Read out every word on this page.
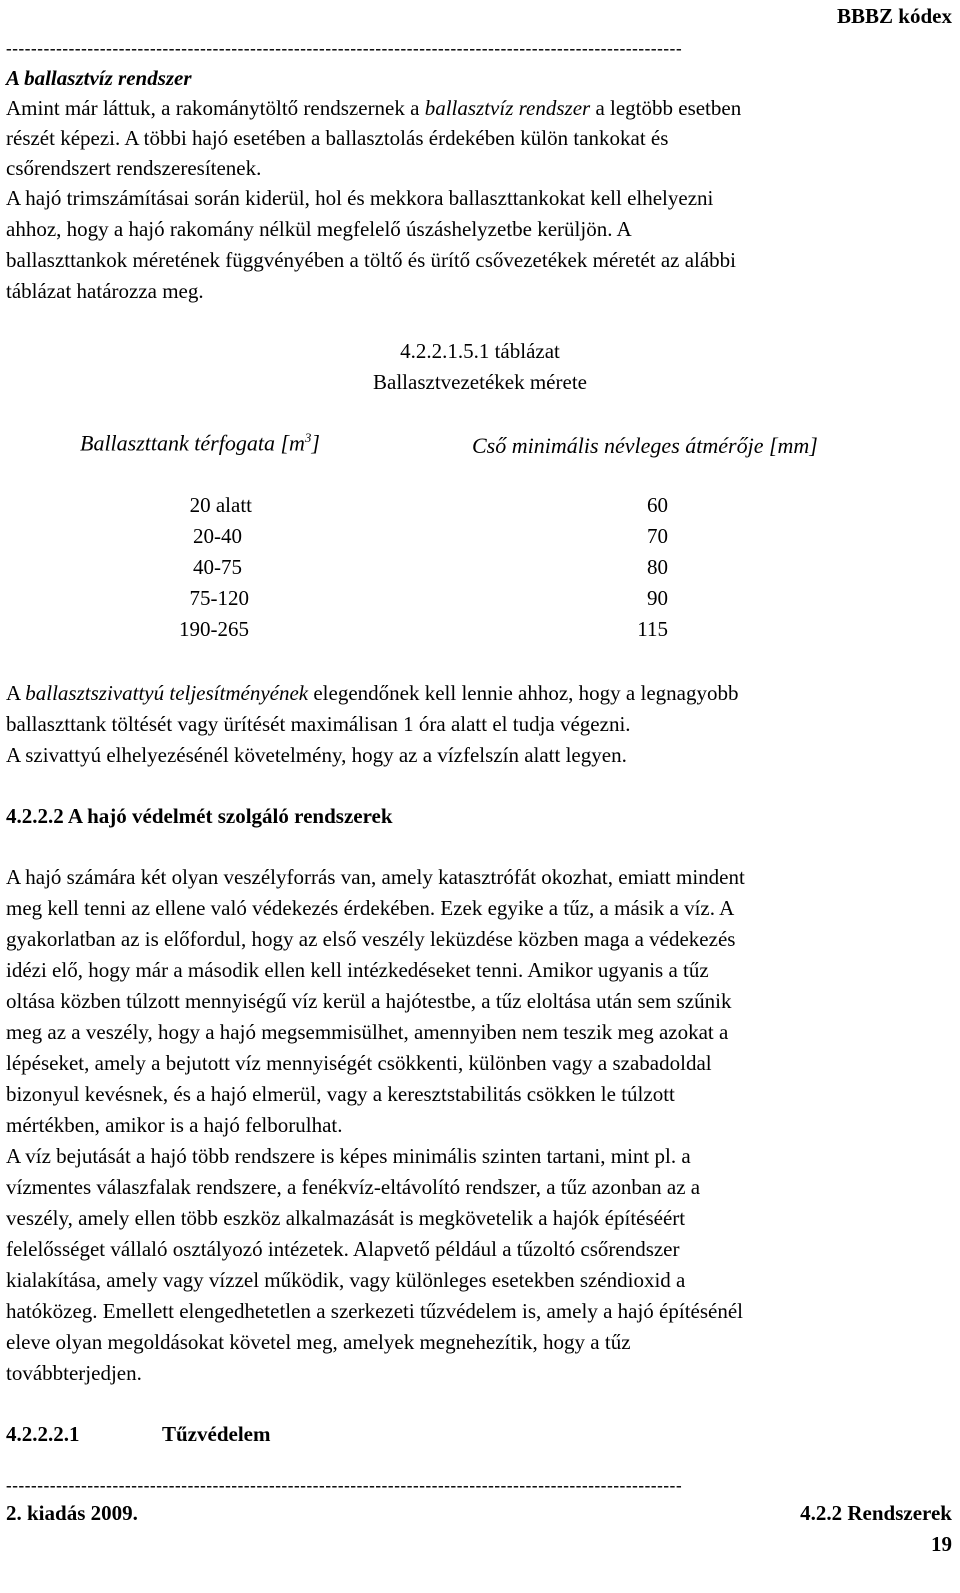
BBBZ kódex
------------------------------------------------------------------------------------------------------------
A ballasztvíz rendszer
Amint már láttuk, a rakománytöltő rendszernek a ballasztvíz rendszer a legtöbb esetben
részét képezi. A többi hajó esetében a ballasztolás érdekében külön tankokat és
csőrendszert rendszeresítenek.
A hajó trimszámításai során kiderül, hol és mekkora ballaszttankokat kell elhelyezni
ahhoz, hogy a hajó rakomány nélkül megfelelő úszáshelyzetbe kerüljön. A
ballaszttankok méretének függvényében a töltő és ürítő csővezetékek méretét az alábbi
táblázat határozza meg.
4.2.2.1.5.1 táblázat
Ballasztvezetékek mérete
Ballaszttank térfogata $[m^3]$	Cső minimális névleges átmérője [mm]
20 alatt	60
20-40	70
40-75	80
75-120	90
190-265	115
A ballasztszivattyú teljesítményének elegendőnek kell lennie ahhoz, hogy a legnagyobb
ballaszttank töltését vagy ürítését maximálisan 1 óra alatt el tudja végezni.
A szivattyú elhelyezésénél követelmény, hogy az a vízfelszín alatt legyen.
4.2.2.2 A hajó védelmét szolgáló rendszerek
A hajó számára két olyan veszélyforrás van, amely katasztrófát okozhat, emiatt mindent
meg kell tenni az ellene való védekezés érdekében. Ezek egyike a tűz, a másik a víz. A
gyakorlatban az is előfordul, hogy az első veszély leküzdése közben maga a védekezés
idézi elő, hogy már a második ellen kell intézkedéseket tenni. Amikor ugyanis a tűz
oltása közben túlzott mennyiségű víz kerül a hajótestbe, a tűz eloltása után sem szűnik
meg az a veszély, hogy a hajó megsemmisülhet, amennyiben nem teszik meg azokat a
lépéseket, amely a bejutott víz mennyiségét csökkenti, különben vagy a szabadoldal
bizonyul kevésnek, és a hajó elmerül, vagy a keresztstabilitás csökken le túlzott
mértékben, amikor is a hajó felborulhat.
A víz bejutását a hajó több rendszere is képes minimális szinten tartani, mint pl. a
vízmentes válaszfalak rendszere, a fenékvíz-eltávolító rendszer, a tűz azonban az a
veszély, amely ellen több eszköz alkalmazását is megkövetelik a hajók építéséért
felelősséget vállaló osztályozó intézetek. Alapvető például a tűzoltó csőrendszer
kialakítása, amely vagy vízzel működik, vagy különleges esetekben széndioxid a
hatóközeg. Emellett elengedhetetlen a szerkezeti tűzvédelem is, amely a hajó építésénél
eleve olyan megoldásokat követel meg, amelyek megnehezítik, hogy a tűz
továbbterjedjen.
4.2.2.2.1	Tűzvédelem
------------------------------------------------------------------------------------------------------------
2. kiadás 2009.	4.2.2 Rendszerek
19
